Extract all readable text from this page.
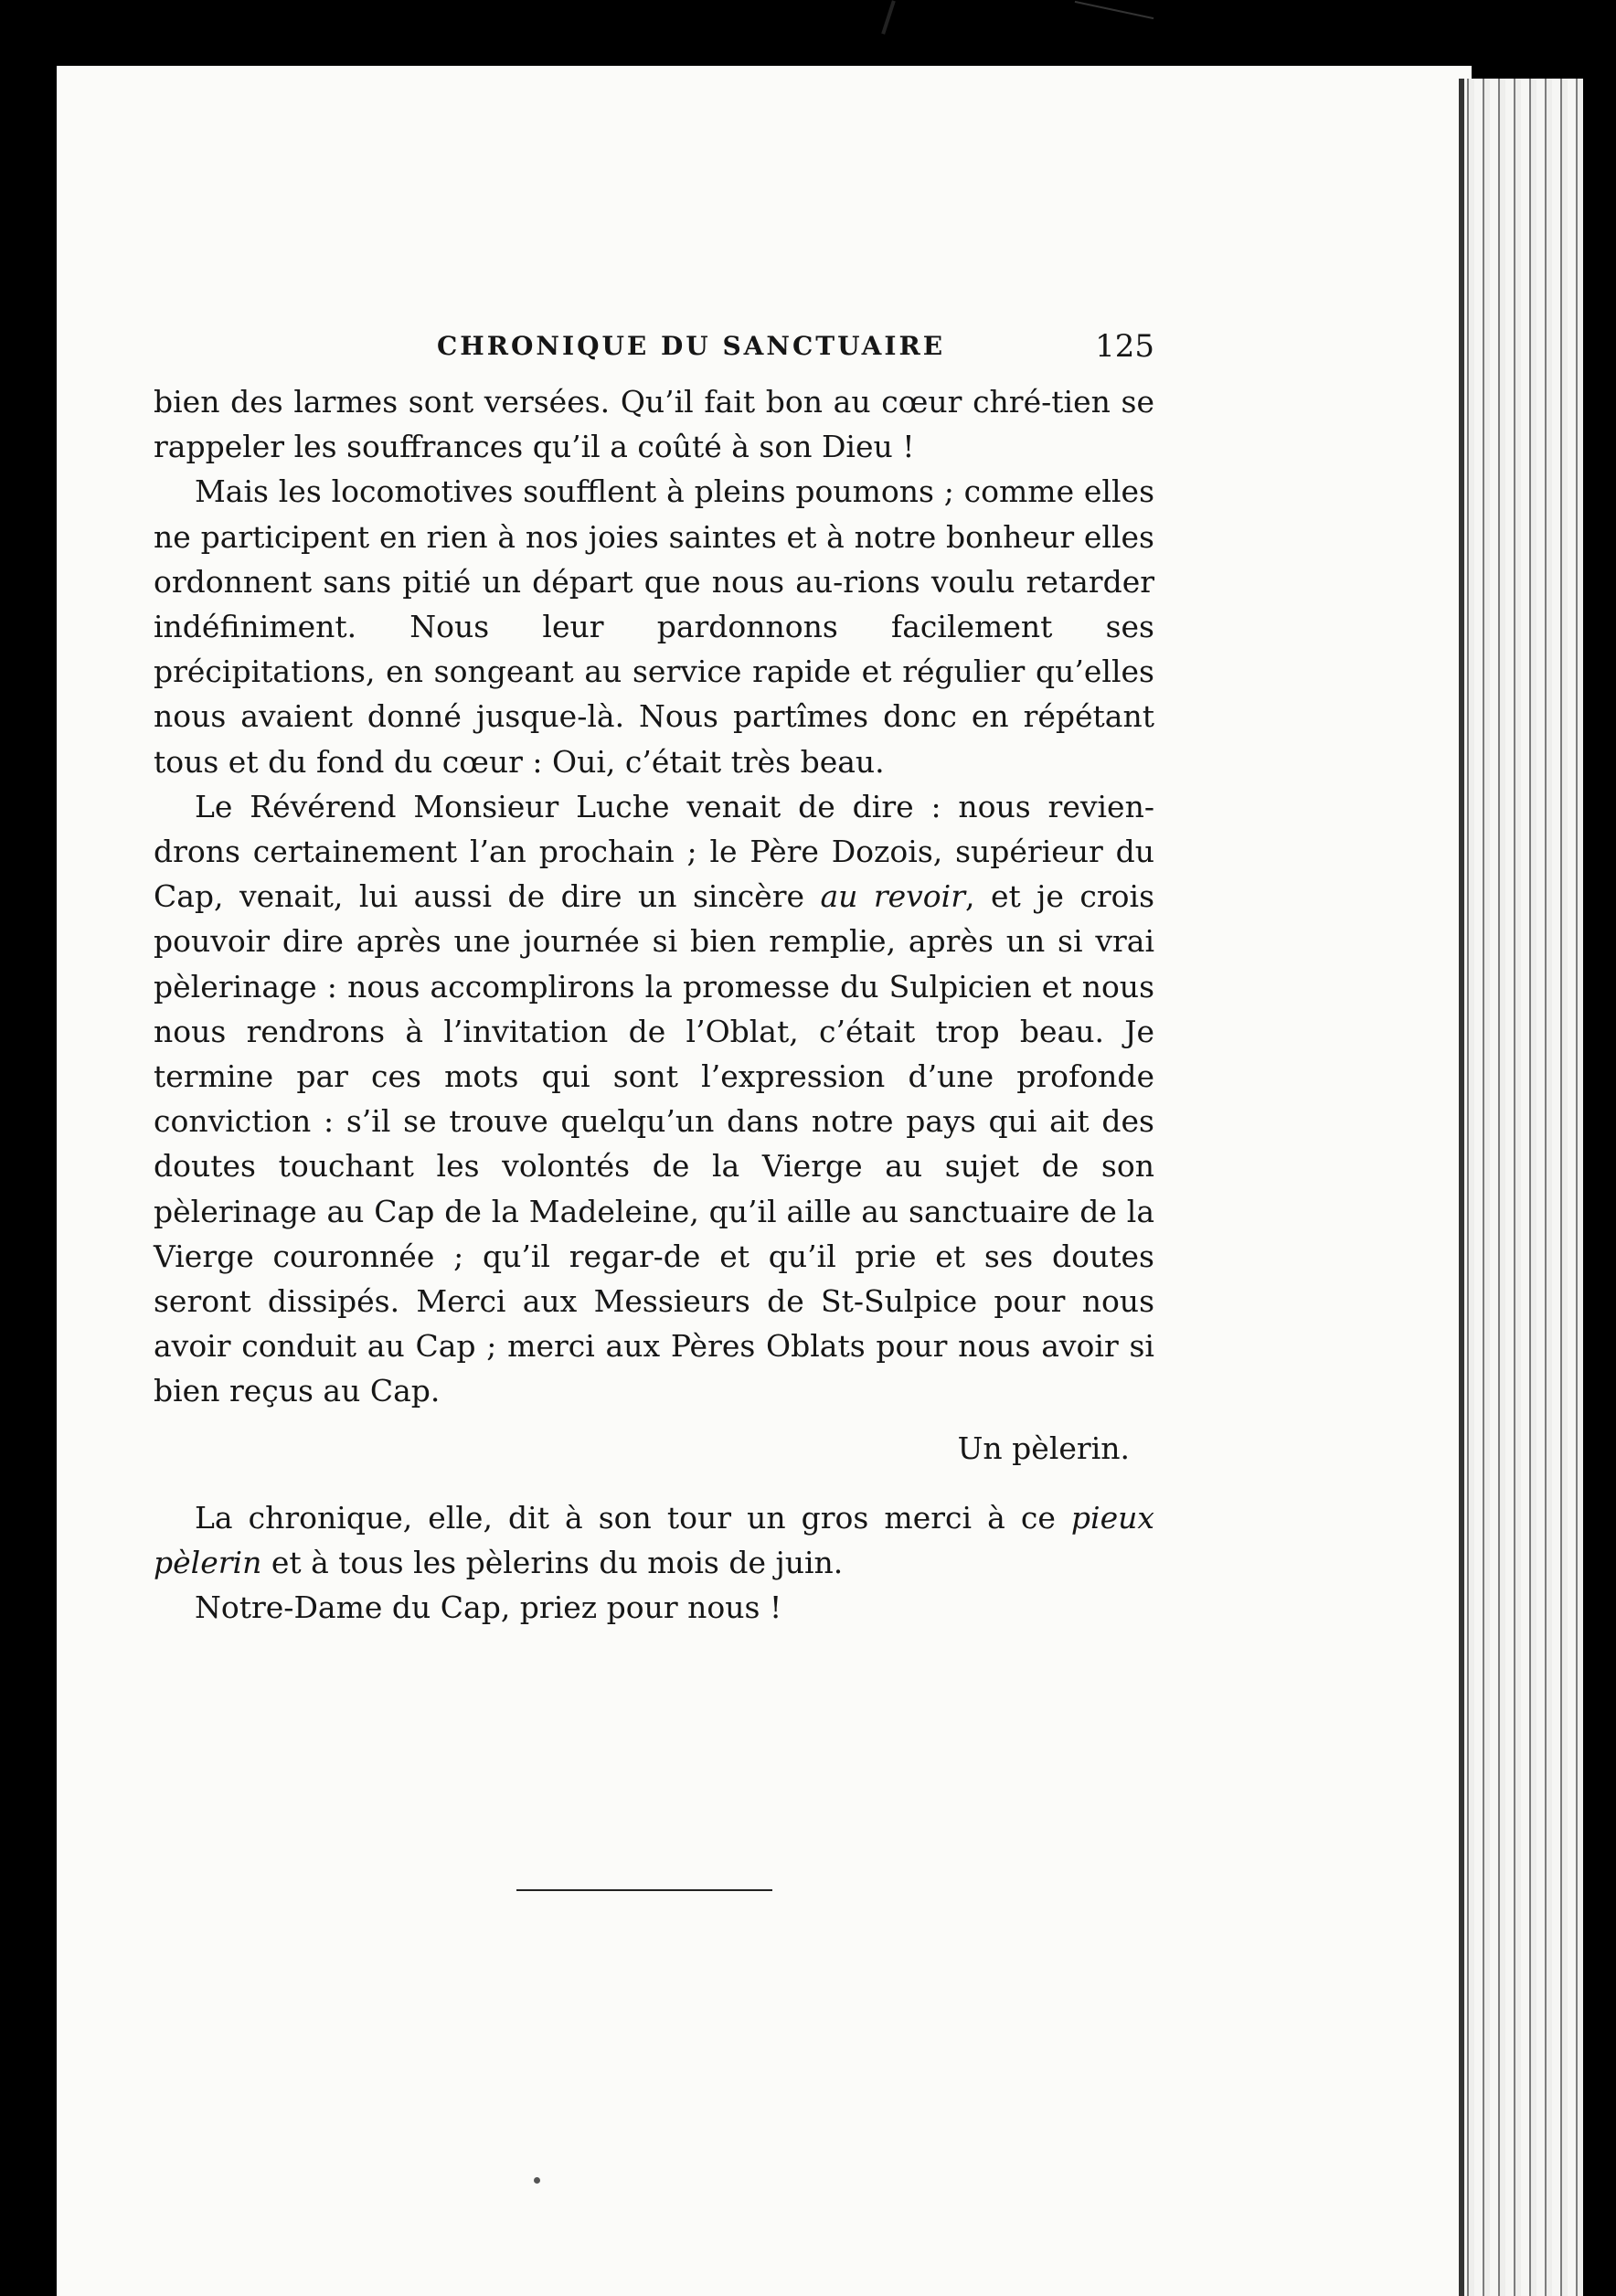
CHRONIQUE DU SANCTUAIRE	125

bien des larmes sont versées. Qu’il fait bon au cœur chré-tien se rappeler les souffrances qu’il a coûté à son Dieu !

Mais les locomotives soufflent à pleins poumons ; comme elles ne participent en rien à nos joies saintes et à notre bonheur elles ordonnent sans pitié un départ que nous au-rions voulu retarder indéfiniment. Nous leur pardonnons facilement ses précipitations, en songeant au service rapide et régulier qu’elles nous avaient donné jusque-là. Nous partîmes donc en répétant tous et du fond du cœur : Oui, c’était très beau.

Le Révérend Monsieur Luche venait de dire : nous revien-drons certainement l’an prochain ; le Père Dozois, supérieur du Cap, venait, lui aussi de dire un sincère au revoir, et je crois pouvoir dire après une journée si bien remplie, après un si vrai pèlerinage : nous accomplirons la promesse du Sulpicien et nous nous rendrons à l’invitation de l’Oblat, c’était trop beau. Je termine par ces mots qui sont l’expression d’une profonde conviction : s’il se trouve quelqu’un dans notre pays qui ait des doutes touchant les volontés de la Vierge au sujet de son pèlerinage au Cap de la Madeleine, qu’il aille au sanctuaire de la Vierge couronnée ; qu’il regar-de et qu’il prie et ses doutes seront dissipés. Merci aux Messieurs de St-Sulpice pour nous avoir conduit au Cap ; merci aux Pères Oblats pour nous avoir si bien reçus au Cap.

Un pèlerin.

La chronique, elle, dit à son tour un gros merci à ce pieux pèlerin et à tous les pèlerins du mois de juin.

Notre-Dame du Cap, priez pour nous !
